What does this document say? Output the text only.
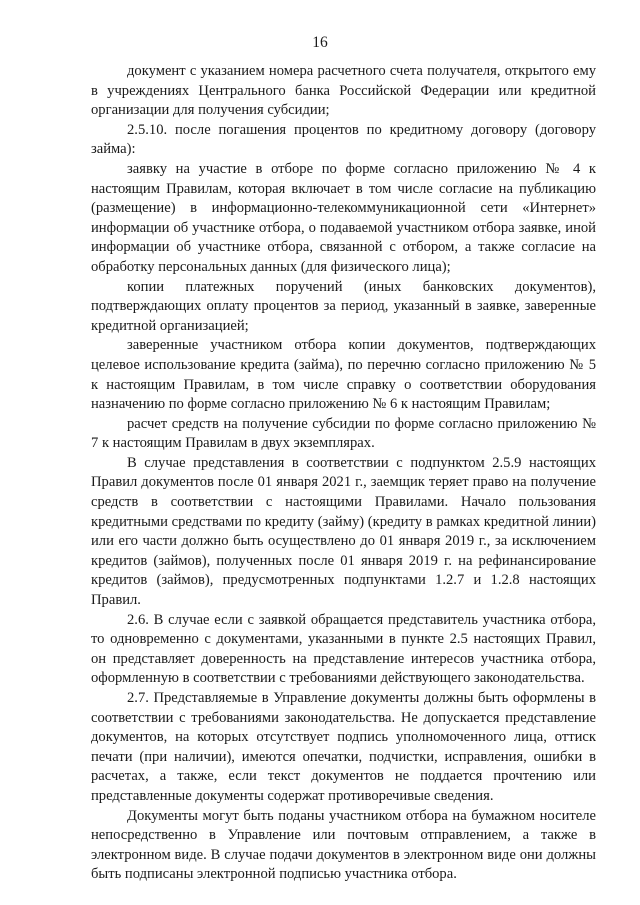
16

документ с указанием номера расчетного счета получателя, открытого ему в учреждениях Центрального банка Российской Федерации или кредитной организации для получения субсидии;

2.5.10. после погашения процентов по кредитному договору (договору займа):

заявку на участие в отборе по форме согласно приложению № 4 к настоящим Правилам, которая включает в том числе согласие на публикацию (размещение) в информационно-телекоммуникационной сети «Интернет» информации об участнике отбора, о подаваемой участником отбора заявке, иной информации об участнике отбора, связанной с отбором, а также согласие на обработку персональных данных (для физического лица);

копии платежных поручений (иных банковских документов), подтверждающих оплату процентов за период, указанный в заявке, заверенные кредитной организацией;

заверенные участником отбора копии документов, подтверждающих целевое использование кредита (займа), по перечню согласно приложению № 5 к настоящим Правилам, в том числе справку о соответствии оборудования назначению по форме согласно приложению № 6 к настоящим Правилам;

расчет средств на получение субсидии по форме согласно приложению № 7 к настоящим Правилам в двух экземплярах.

В случае представления в соответствии с подпунктом 2.5.9 настоящих Правил документов после 01 января 2021 г., заемщик теряет право на получение средств в соответствии с настоящими Правилами. Начало пользования кредитными средствами по кредиту (займу) (кредиту в рамках кредитной линии) или его части должно быть осуществлено до 01 января 2019 г., за исключением кредитов (займов), полученных после 01 января 2019 г. на рефинансирование кредитов (займов), предусмотренных подпунктами 1.2.7 и 1.2.8 настоящих Правил.

2.6. В случае если с заявкой обращается представитель участника отбора, то одновременно с документами, указанными в пункте 2.5 настоящих Правил, он представляет доверенность на представление интересов участника отбора, оформленную в соответствии с требованиями действующего законодательства.

2.7. Представляемые в Управление документы должны быть оформлены в соответствии с требованиями законодательства. Не допускается представление документов, на которых отсутствует подпись уполномоченного лица, оттиск печати (при наличии), имеются опечатки, подчистки, исправления, ошибки в расчетах, а также, если текст документов не поддается прочтению или представленные документы содержат противоречивые сведения.

Документы могут быть поданы участником отбора на бумажном носителе непосредственно в Управление или почтовым отправлением, а также в электронном виде. В случае подачи документов в электронном виде они должны быть подписаны электронной подписью участника отбора.
